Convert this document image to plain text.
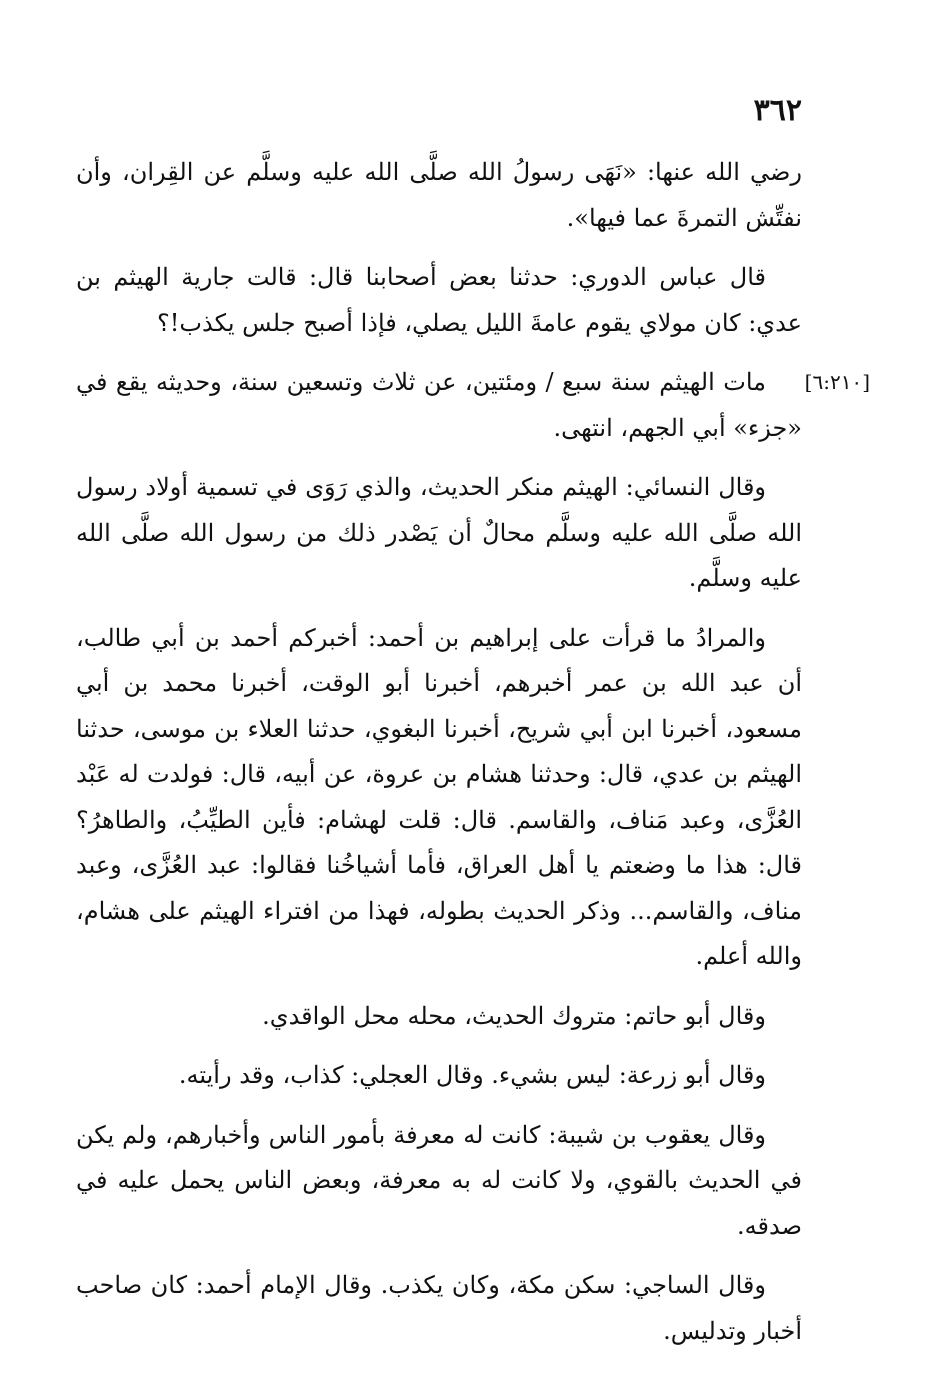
٣٦٢

رضي الله عنها: «نَهَى رسولُ الله صلَّى الله عليه وسلَّم عن القِران، وأن نفتِّش التمرةَ عما فيها».

قال عباس الدوري: حدثنا بعض أصحابنا قال: قالت جارية الهيثم بن عدي: كان مولاي يقوم عامةَ الليل يصلي، فإذا أصبح جلس يكذب!؟

[٦:٢١٠]
مات الهيثم سنة سبع / ومئتين، عن ثلاث وتسعين سنة، وحديثه يقع في «جزء» أبي الجهم، انتهى.

وقال النسائي: الهيثم منكر الحديث، والذي رَوَى في تسمية أولاد رسول الله صلَّى الله عليه وسلَّم محالٌ أن يَصْدر ذلك من رسول الله صلَّى الله عليه وسلَّم.

والمرادُ ما قرأت على إبراهيم بن أحمد: أخبركم أحمد بن أبي طالب، أن عبد الله بن عمر أخبرهم، أخبرنا أبو الوقت، أخبرنا محمد بن أبي مسعود، أخبرنا ابن أبي شريح، أخبرنا البغوي، حدثنا العلاء بن موسى، حدثنا الهيثم بن عدي، قال: وحدثنا هشام بن عروة، عن أبيه، قال: فولدت له عَبْد العُزَّى، وعبد مَناف، والقاسم. قال: قلت لهشام: فأين الطيِّبُ، والطاهرُ؟ قال: هذا ما وضعتم يا أهل العراق، فأما أشياخُنا فقالوا: عبد العُزَّى، وعبد مناف، والقاسم... وذكر الحديث بطوله، فهذا من افتراء الهيثم على هشام، والله أعلم.

وقال أبو حاتم: متروك الحديث، محله محل الواقدي.

وقال أبو زرعة: ليس بشيء. وقال العجلي: كذاب، وقد رأيته.

وقال يعقوب بن شيبة: كانت له معرفة بأمور الناس وأخبارهم، ولم يكن في الحديث بالقوي، ولا كانت له به معرفة، وبعض الناس يحمل عليه في صدقه.

وقال الساجي: سكن مكة، وكان يكذب. وقال الإمام أحمد: كان صاحب أخبار وتدليس.
